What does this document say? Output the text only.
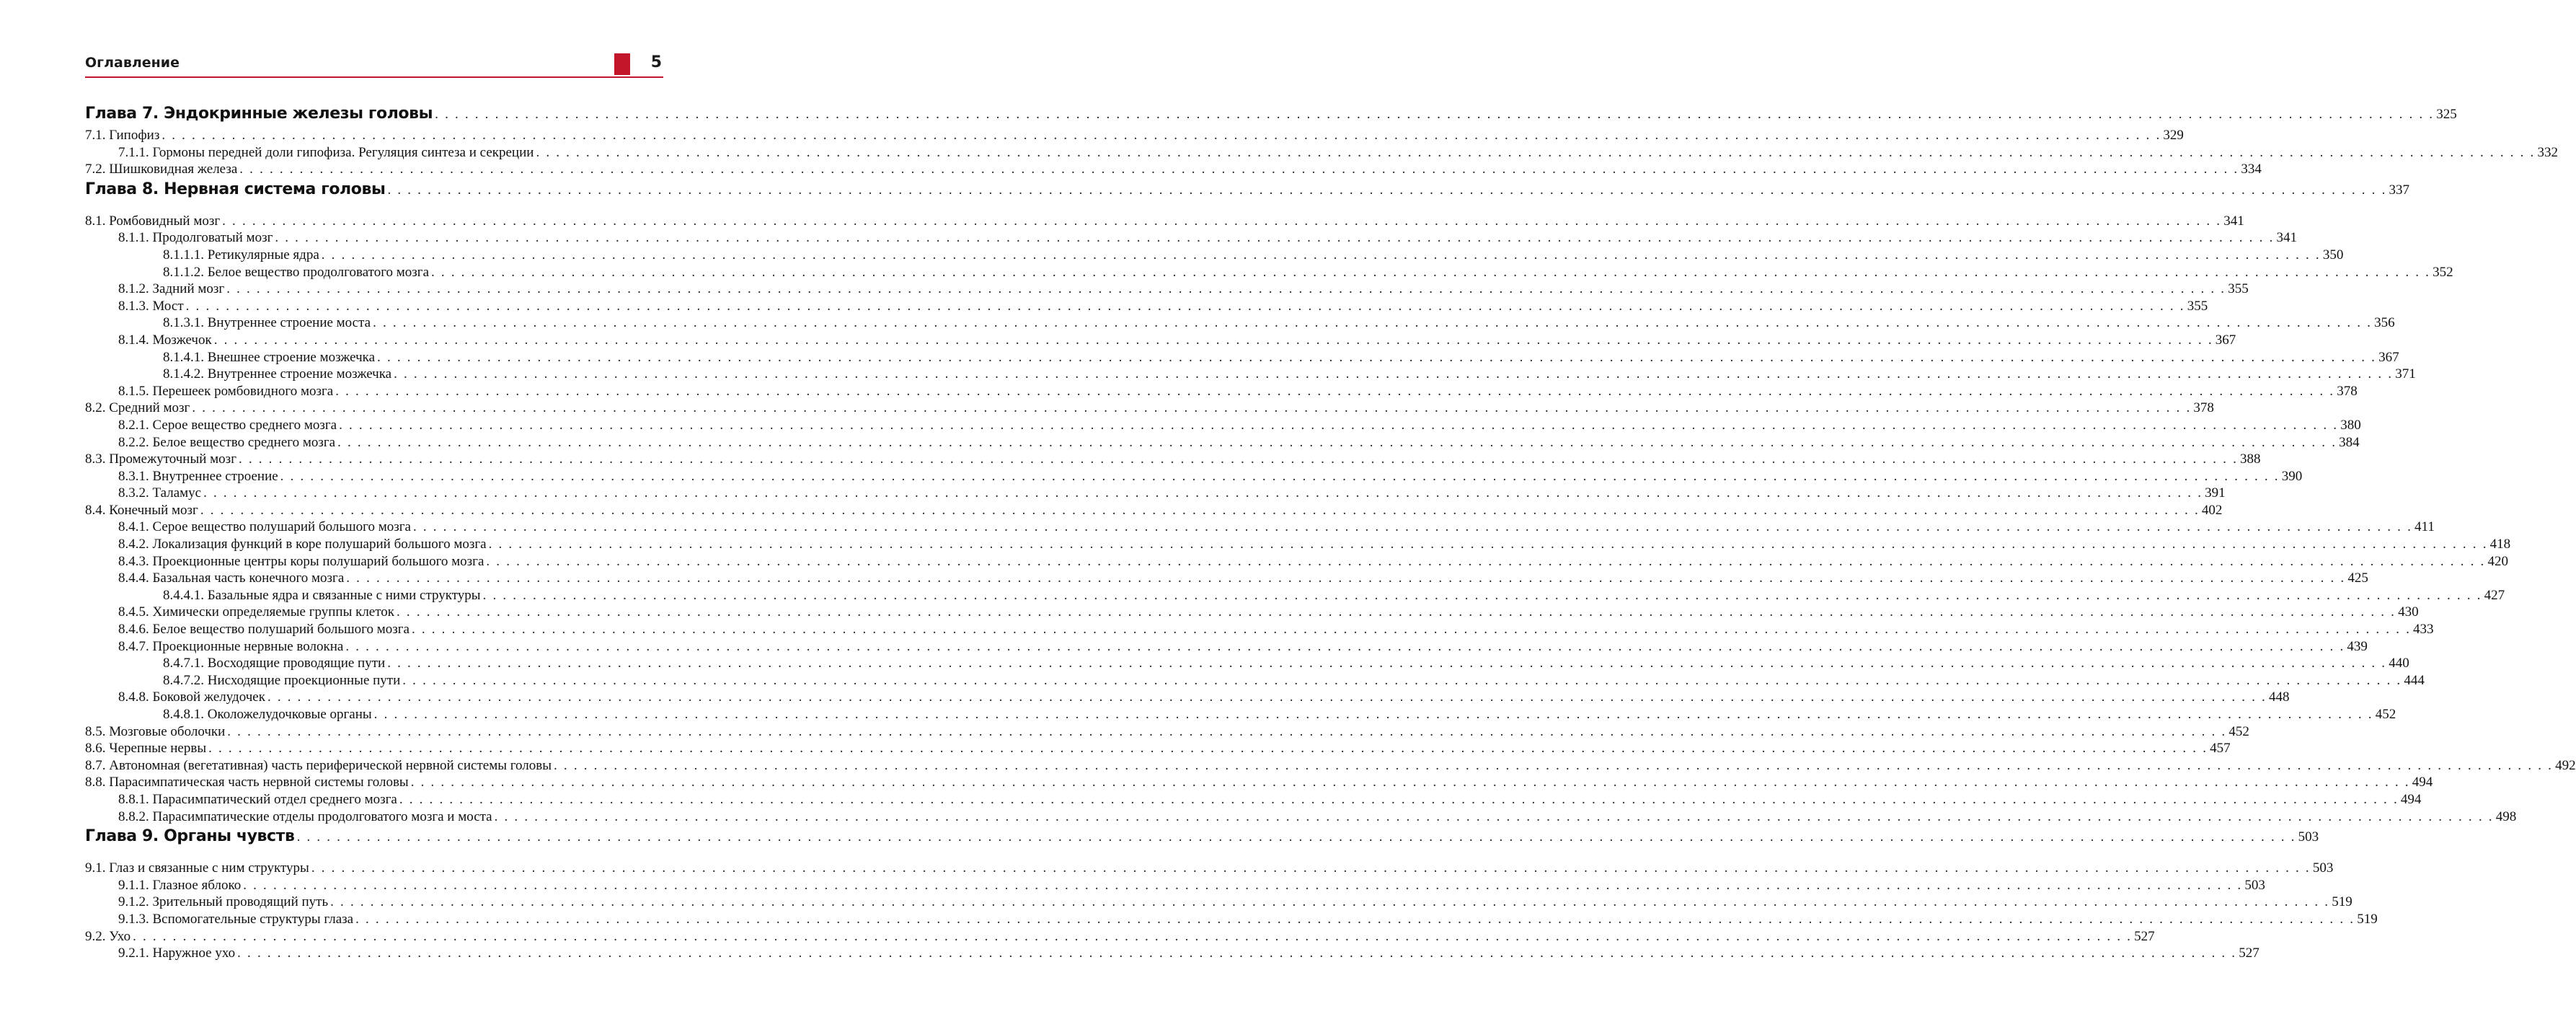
Оглавление	5
Глава 7. Эндокринные железы головы . . . . . . . . . . . . . . . . . . . . . . . . . . . . . . . . . . . . . . . . . . . . . . . . . . . . . . . . . . . . . . . . . . . . . . . . . . . . . . . . . . . . . . . . . . . . . . . . . . . . . . . . . . . . . . . . . . . . . . . . . . . . . . . . . . . . . . . . . . . . . . . . . . . . . . . . . . . . . . . . . . . . . . . . . . . . . . . . . . . . . . . . . . . . . . . . . . . . . . . . 325
7.1. Гипофиз . . . . . . . . . . . . . . . . . . . . . . . . . . . . . . . . . . . . . . . . . . . . . . . . . . . . . . . . . . . . . . . . . . . . . . . . . . . . . . . . . . . . . . . . . . . . . . . . . . . . . . . . . . . . . . . . . . . . . . . . . . . . . . . . . . . . . . . . . . . . . . . . . . . . . . . . . . . . . . . . . . . . . . . . . . . . . . . . . . . . . . . . . . . . . . . . . . . . . . . . 329
7.1.1. Гормоны передней доли гипофиза. Регуляция синтеза и секреции . . . . . . . . . . . . . . . . . . . . . . . . . . . . . . . . . . . . . . . . . . . . . . . . . . . . . . . . . . . . . . . . . . . . . . . . . . . . . . . . . . . . . . . . . . . . . . . . . . . . . . . . . . . . . . . . . . . . . . . . . . . . . . . . . . . . . . . . . . . . . . . . . . . . . . . . . . . . . . . . . . . . . . . . . . . . . . . . . . . . . . . . . . . . . . . . . . . . . . . . 332
7.2. Шишковидная железа . . . . . . . . . . . . . . . . . . . . . . . . . . . . . . . . . . . . . . . . . . . . . . . . . . . . . . . . . . . . . . . . . . . . . . . . . . . . . . . . . . . . . . . . . . . . . . . . . . . . . . . . . . . . . . . . . . . . . . . . . . . . . . . . . . . . . . . . . . . . . . . . . . . . . . . . . . . . . . . . . . . . . . . . . . . . . . . . . . . . . . . . . . . . . . . . . . . . . . . . 334
Глава 8. Нервная система головы . . . . . . . . . . . . . . . . . . . . . . . . . . . . . . . . . . . . . . . . . . . . . . . . . . . . . . . . . . . . . . . . . . . . . . . . . . . . . . . . . . . . . . . . . . . . . . . . . . . . . . . . . . . . . . . . . . . . . . . . . . . . . . . . . . . . . . . . . . . . . . . . . . . . . . . . . . . . . . . . . . . . . . . . . . . . . . . . . . . . . . . . . . . . . . . . . . . . . . . . 337
8.1. Ромбовидный мозг . . . . . . . . . . . . . . . . . . . . . . . . . . . . . . . . . . . . . . . . . . . . . . . . . . . . . . . . . . . . . . . . . . . . . . . . . . . . . . . . . . . . . . . . . . . . . . . . . . . . . . . . . . . . . . . . . . . . . . . . . . . . . . . . . . . . . . . . . . . . . . . . . . . . . . . . . . . . . . . . . . . . . . . . . . . . . . . . . . . . . . . . . . . . . . . . . . . . . . . . 341
8.1.1. Продолговатый мозг . . . . . . . . . . . . . . . . . . . . . . . . . . . . . . . . . . . . . . . . . . . . . . . . . . . . . . . . . . . . . . . . . . . . . . . . . . . . . . . . . . . . . . . . . . . . . . . . . . . . . . . . . . . . . . . . . . . . . . . . . . . . . . . . . . . . . . . . . . . . . . . . . . . . . . . . . . . . . . . . . . . . . . . . . . . . . . . . . . . . . . . . . . . . . . . . . . . . . . . . 341
8.1.1.1. Ретикулярные ядра . . . . . . . . . . . . . . . . . . . . . . . . . . . . . . . . . . . . . . . . . . . . . . . . . . . . . . . . . . . . . . . . . . . . . . . . . . . . . . . . . . . . . . . . . . . . . . . . . . . . . . . . . . . . . . . . . . . . . . . . . . . . . . . . . . . . . . . . . . . . . . . . . . . . . . . . . . . . . . . . . . . . . . . . . . . . . . . . . . . . . . . . . . . . . . . . . . . . . . . . 350
8.1.1.2. Белое вещество продолговатого мозга . . . . . . . . . . . . . . . . . . . . . . . . . . . . . . . . . . . . . . . . . . . . . . . . . . . . . . . . . . . . . . . . . . . . . . . . . . . . . . . . . . . . . . . . . . . . . . . . . . . . . . . . . . . . . . . . . . . . . . . . . . . . . . . . . . . . . . . . . . . . . . . . . . . . . . . . . . . . . . . . . . . . . . . . . . . . . . . . . . . . . . . . . . . . . . . . . . . . . . . . 352
8.1.2. Задний мозг . . . . . . . . . . . . . . . . . . . . . . . . . . . . . . . . . . . . . . . . . . . . . . . . . . . . . . . . . . . . . . . . . . . . . . . . . . . . . . . . . . . . . . . . . . . . . . . . . . . . . . . . . . . . . . . . . . . . . . . . . . . . . . . . . . . . . . . . . . . . . . . . . . . . . . . . . . . . . . . . . . . . . . . . . . . . . . . . . . . . . . . . . . . . . . . . . . . . . . . . 355
8.1.3. Мост . . . . . . . . . . . . . . . . . . . . . . . . . . . . . . . . . . . . . . . . . . . . . . . . . . . . . . . . . . . . . . . . . . . . . . . . . . . . . . . . . . . . . . . . . . . . . . . . . . . . . . . . . . . . . . . . . . . . . . . . . . . . . . . . . . . . . . . . . . . . . . . . . . . . . . . . . . . . . . . . . . . . . . . . . . . . . . . . . . . . . . . . . . . . . . . . . . . . . . . . 355
8.1.3.1. Внутреннее строение моста . . . . . . . . . . . . . . . . . . . . . . . . . . . . . . . . . . . . . . . . . . . . . . . . . . . . . . . . . . . . . . . . . . . . . . . . . . . . . . . . . . . . . . . . . . . . . . . . . . . . . . . . . . . . . . . . . . . . . . . . . . . . . . . . . . . . . . . . . . . . . . . . . . . . . . . . . . . . . . . . . . . . . . . . . . . . . . . . . . . . . . . . . . . . . . . . . . . . . . . . 356
8.1.4. Мозжечок . . . . . . . . . . . . . . . . . . . . . . . . . . . . . . . . . . . . . . . . . . . . . . . . . . . . . . . . . . . . . . . . . . . . . . . . . . . . . . . . . . . . . . . . . . . . . . . . . . . . . . . . . . . . . . . . . . . . . . . . . . . . . . . . . . . . . . . . . . . . . . . . . . . . . . . . . . . . . . . . . . . . . . . . . . . . . . . . . . . . . . . . . . . . . . . . . . . . . . . . 367
8.1.4.1. Внешнее строение мозжечка . . . . . . . . . . . . . . . . . . . . . . . . . . . . . . . . . . . . . . . . . . . . . . . . . . . . . . . . . . . . . . . . . . . . . . . . . . . . . . . . . . . . . . . . . . . . . . . . . . . . . . . . . . . . . . . . . . . . . . . . . . . . . . . . . . . . . . . . . . . . . . . . . . . . . . . . . . . . . . . . . . . . . . . . . . . . . . . . . . . . . . . . . . . . . . . . . . . . . . . . 367
8.1.4.2. Внутреннее строение мозжечка . . . . . . . . . . . . . . . . . . . . . . . . . . . . . . . . . . . . . . . . . . . . . . . . . . . . . . . . . . . . . . . . . . . . . . . . . . . . . . . . . . . . . . . . . . . . . . . . . . . . . . . . . . . . . . . . . . . . . . . . . . . . . . . . . . . . . . . . . . . . . . . . . . . . . . . . . . . . . . . . . . . . . . . . . . . . . . . . . . . . . . . . . . . . . . . . . . . . . . . . 371
8.1.5. Перешеек ромбовидного мозга . . . . . . . . . . . . . . . . . . . . . . . . . . . . . . . . . . . . . . . . . . . . . . . . . . . . . . . . . . . . . . . . . . . . . . . . . . . . . . . . . . . . . . . . . . . . . . . . . . . . . . . . . . . . . . . . . . . . . . . . . . . . . . . . . . . . . . . . . . . . . . . . . . . . . . . . . . . . . . . . . . . . . . . . . . . . . . . . . . . . . . . . . . . . . . . . . . . . . . . . 378
8.2. Средний мозг . . . . . . . . . . . . . . . . . . . . . . . . . . . . . . . . . . . . . . . . . . . . . . . . . . . . . . . . . . . . . . . . . . . . . . . . . . . . . . . . . . . . . . . . . . . . . . . . . . . . . . . . . . . . . . . . . . . . . . . . . . . . . . . . . . . . . . . . . . . . . . . . . . . . . . . . . . . . . . . . . . . . . . . . . . . . . . . . . . . . . . . . . . . . . . . . . . . . . . . . 378
8.2.1. Серое вещество среднего мозга . . . . . . . . . . . . . . . . . . . . . . . . . . . . . . . . . . . . . . . . . . . . . . . . . . . . . . . . . . . . . . . . . . . . . . . . . . . . . . . . . . . . . . . . . . . . . . . . . . . . . . . . . . . . . . . . . . . . . . . . . . . . . . . . . . . . . . . . . . . . . . . . . . . . . . . . . . . . . . . . . . . . . . . . . . . . . . . . . . . . . . . . . . . . . . . . . . . . . . . . 380
8.2.2. Белое вещество среднего мозга . . . . . . . . . . . . . . . . . . . . . . . . . . . . . . . . . . . . . . . . . . . . . . . . . . . . . . . . . . . . . . . . . . . . . . . . . . . . . . . . . . . . . . . . . . . . . . . . . . . . . . . . . . . . . . . . . . . . . . . . . . . . . . . . . . . . . . . . . . . . . . . . . . . . . . . . . . . . . . . . . . . . . . . . . . . . . . . . . . . . . . . . . . . . . . . . . . . . . . . . 384
8.3. Промежуточный мозг . . . . . . . . . . . . . . . . . . . . . . . . . . . . . . . . . . . . . . . . . . . . . . . . . . . . . . . . . . . . . . . . . . . . . . . . . . . . . . . . . . . . . . . . . . . . . . . . . . . . . . . . . . . . . . . . . . . . . . . . . . . . . . . . . . . . . . . . . . . . . . . . . . . . . . . . . . . . . . . . . . . . . . . . . . . . . . . . . . . . . . . . . . . . . . . . . . . . . . . . 388
8.3.1. Внутреннее строение . . . . . . . . . . . . . . . . . . . . . . . . . . . . . . . . . . . . . . . . . . . . . . . . . . . . . . . . . . . . . . . . . . . . . . . . . . . . . . . . . . . . . . . . . . . . . . . . . . . . . . . . . . . . . . . . . . . . . . . . . . . . . . . . . . . . . . . . . . . . . . . . . . . . . . . . . . . . . . . . . . . . . . . . . . . . . . . . . . . . . . . . . . . . . . . . . . . . . . . . 390
8.3.2. Таламус . . . . . . . . . . . . . . . . . . . . . . . . . . . . . . . . . . . . . . . . . . . . . . . . . . . . . . . . . . . . . . . . . . . . . . . . . . . . . . . . . . . . . . . . . . . . . . . . . . . . . . . . . . . . . . . . . . . . . . . . . . . . . . . . . . . . . . . . . . . . . . . . . . . . . . . . . . . . . . . . . . . . . . . . . . . . . . . . . . . . . . . . . . . . . . . . . . . . . . . . 391
8.4. Конечный мозг . . . . . . . . . . . . . . . . . . . . . . . . . . . . . . . . . . . . . . . . . . . . . . . . . . . . . . . . . . . . . . . . . . . . . . . . . . . . . . . . . . . . . . . . . . . . . . . . . . . . . . . . . . . . . . . . . . . . . . . . . . . . . . . . . . . . . . . . . . . . . . . . . . . . . . . . . . . . . . . . . . . . . . . . . . . . . . . . . . . . . . . . . . . . . . . . . . . . . . . . 402
8.4.1. Серое вещество полушарий большого мозга . . . . . . . . . . . . . . . . . . . . . . . . . . . . . . . . . . . . . . . . . . . . . . . . . . . . . . . . . . . . . . . . . . . . . . . . . . . . . . . . . . . . . . . . . . . . . . . . . . . . . . . . . . . . . . . . . . . . . . . . . . . . . . . . . . . . . . . . . . . . . . . . . . . . . . . . . . . . . . . . . . . . . . . . . . . . . . . . . . . . . . . . . . . . . . . . . . . . . . . . 411
8.4.2. Локализация функций в коре полушарий большого мозга . . . . . . . . . . . . . . . . . . . . . . . . . . . . . . . . . . . . . . . . . . . . . . . . . . . . . . . . . . . . . . . . . . . . . . . . . . . . . . . . . . . . . . . . . . . . . . . . . . . . . . . . . . . . . . . . . . . . . . . . . . . . . . . . . . . . . . . . . . . . . . . . . . . . . . . . . . . . . . . . . . . . . . . . . . . . . . . . . . . . . . . . . . . . . . . . . . . . . . . . 418
8.4.3. Проекционные центры коры полушарий большого мозга . . . . . . . . . . . . . . . . . . . . . . . . . . . . . . . . . . . . . . . . . . . . . . . . . . . . . . . . . . . . . . . . . . . . . . . . . . . . . . . . . . . . . . . . . . . . . . . . . . . . . . . . . . . . . . . . . . . . . . . . . . . . . . . . . . . . . . . . . . . . . . . . . . . . . . . . . . . . . . . . . . . . . . . . . . . . . . . . . . . . . . . . . . . . . . . . . . . . . . . . 420
8.4.4. Базальная часть конечного мозга . . . . . . . . . . . . . . . . . . . . . . . . . . . . . . . . . . . . . . . . . . . . . . . . . . . . . . . . . . . . . . . . . . . . . . . . . . . . . . . . . . . . . . . . . . . . . . . . . . . . . . . . . . . . . . . . . . . . . . . . . . . . . . . . . . . . . . . . . . . . . . . . . . . . . . . . . . . . . . . . . . . . . . . . . . . . . . . . . . . . . . . . . . . . . . . . . . . . . . . . 425
8.4.4.1. Базальные ядра и связанные с ними структуры . . . . . . . . . . . . . . . . . . . . . . . . . . . . . . . . . . . . . . . . . . . . . . . . . . . . . . . . . . . . . . . . . . . . . . . . . . . . . . . . . . . . . . . . . . . . . . . . . . . . . . . . . . . . . . . . . . . . . . . . . . . . . . . . . . . . . . . . . . . . . . . . . . . . . . . . . . . . . . . . . . . . . . . . . . . . . . . . . . . . . . . . . . . . . . . . . . . . . . . . 427
8.4.5. Химически определяемые группы клеток . . . . . . . . . . . . . . . . . . . . . . . . . . . . . . . . . . . . . . . . . . . . . . . . . . . . . . . . . . . . . . . . . . . . . . . . . . . . . . . . . . . . . . . . . . . . . . . . . . . . . . . . . . . . . . . . . . . . . . . . . . . . . . . . . . . . . . . . . . . . . . . . . . . . . . . . . . . . . . . . . . . . . . . . . . . . . . . . . . . . . . . . . . . . . . . . . . . . . . . . 430
8.4.6. Белое вещество полушарий большого мозга . . . . . . . . . . . . . . . . . . . . . . . . . . . . . . . . . . . . . . . . . . . . . . . . . . . . . . . . . . . . . . . . . . . . . . . . . . . . . . . . . . . . . . . . . . . . . . . . . . . . . . . . . . . . . . . . . . . . . . . . . . . . . . . . . . . . . . . . . . . . . . . . . . . . . . . . . . . . . . . . . . . . . . . . . . . . . . . . . . . . . . . . . . . . . . . . . . . . . . . . 433
8.4.7. Проекционные нервные волокна . . . . . . . . . . . . . . . . . . . . . . . . . . . . . . . . . . . . . . . . . . . . . . . . . . . . . . . . . . . . . . . . . . . . . . . . . . . . . . . . . . . . . . . . . . . . . . . . . . . . . . . . . . . . . . . . . . . . . . . . . . . . . . . . . . . . . . . . . . . . . . . . . . . . . . . . . . . . . . . . . . . . . . . . . . . . . . . . . . . . . . . . . . . . . . . . . . . . . . . . 439
8.4.7.1. Восходящие проводящие пути . . . . . . . . . . . . . . . . . . . . . . . . . . . . . . . . . . . . . . . . . . . . . . . . . . . . . . . . . . . . . . . . . . . . . . . . . . . . . . . . . . . . . . . . . . . . . . . . . . . . . . . . . . . . . . . . . . . . . . . . . . . . . . . . . . . . . . . . . . . . . . . . . . . . . . . . . . . . . . . . . . . . . . . . . . . . . . . . . . . . . . . . . . . . . . . . . . . . . . . . 440
8.4.7.2. Нисходящие проекционные пути . . . . . . . . . . . . . . . . . . . . . . . . . . . . . . . . . . . . . . . . . . . . . . . . . . . . . . . . . . . . . . . . . . . . . . . . . . . . . . . . . . . . . . . . . . . . . . . . . . . . . . . . . . . . . . . . . . . . . . . . . . . . . . . . . . . . . . . . . . . . . . . . . . . . . . . . . . . . . . . . . . . . . . . . . . . . . . . . . . . . . . . . . . . . . . . . . . . . . . . . 444
8.4.8. Боковой желудочек . . . . . . . . . . . . . . . . . . . . . . . . . . . . . . . . . . . . . . . . . . . . . . . . . . . . . . . . . . . . . . . . . . . . . . . . . . . . . . . . . . . . . . . . . . . . . . . . . . . . . . . . . . . . . . . . . . . . . . . . . . . . . . . . . . . . . . . . . . . . . . . . . . . . . . . . . . . . . . . . . . . . . . . . . . . . . . . . . . . . . . . . . . . . . . . . . . . . . . . . 448
8.4.8.1. Околожелудочковые органы . . . . . . . . . . . . . . . . . . . . . . . . . . . . . . . . . . . . . . . . . . . . . . . . . . . . . . . . . . . . . . . . . . . . . . . . . . . . . . . . . . . . . . . . . . . . . . . . . . . . . . . . . . . . . . . . . . . . . . . . . . . . . . . . . . . . . . . . . . . . . . . . . . . . . . . . . . . . . . . . . . . . . . . . . . . . . . . . . . . . . . . . . . . . . . . . . . . . . . . . 452
8.5. Мозговые оболочки . . . . . . . . . . . . . . . . . . . . . . . . . . . . . . . . . . . . . . . . . . . . . . . . . . . . . . . . . . . . . . . . . . . . . . . . . . . . . . . . . . . . . . . . . . . . . . . . . . . . . . . . . . . . . . . . . . . . . . . . . . . . . . . . . . . . . . . . . . . . . . . . . . . . . . . . . . . . . . . . . . . . . . . . . . . . . . . . . . . . . . . . . . . . . . . . . . . . . . . . 452
8.6. Черепные нервы . . . . . . . . . . . . . . . . . . . . . . . . . . . . . . . . . . . . . . . . . . . . . . . . . . . . . . . . . . . . . . . . . . . . . . . . . . . . . . . . . . . . . . . . . . . . . . . . . . . . . . . . . . . . . . . . . . . . . . . . . . . . . . . . . . . . . . . . . . . . . . . . . . . . . . . . . . . . . . . . . . . . . . . . . . . . . . . . . . . . . . . . . . . . . . . . . . . . . . . . 457
8.7. Автономная (вегетативная) часть периферической нервной системы головы . . . . . . . . . . . . . . . . . . . . . . . . . . . . . . . . . . . . . . . . . . . . . . . . . . . . . . . . . . . . . . . . . . . . . . . . . . . . . . . . . . . . . . . . . . . . . . . . . . . . . . . . . . . . . . . . . . . . . . . . . . . . . . . . . . . . . . . . . . . . . . . . . . . . . . . . . . . . . . . . . . . . . . . . . . . . . . . . . . . . . . . . . . . . . . . . . . . . . . . . 492
8.8. Парасимпатическая часть нервной системы головы . . . . . . . . . . . . . . . . . . . . . . . . . . . . . . . . . . . . . . . . . . . . . . . . . . . . . . . . . . . . . . . . . . . . . . . . . . . . . . . . . . . . . . . . . . . . . . . . . . . . . . . . . . . . . . . . . . . . . . . . . . . . . . . . . . . . . . . . . . . . . . . . . . . . . . . . . . . . . . . . . . . . . . . . . . . . . . . . . . . . . . . . . . . . . . . . . . . . . . . . 494
8.8.1. Парасимпатический отдел среднего мозга . . . . . . . . . . . . . . . . . . . . . . . . . . . . . . . . . . . . . . . . . . . . . . . . . . . . . . . . . . . . . . . . . . . . . . . . . . . . . . . . . . . . . . . . . . . . . . . . . . . . . . . . . . . . . . . . . . . . . . . . . . . . . . . . . . . . . . . . . . . . . . . . . . . . . . . . . . . . . . . . . . . . . . . . . . . . . . . . . . . . . . . . . . . . . . . . . . . . . . . . 494
8.8.2. Парасимпатические отделы продолговатого мозга и моста . . . . . . . . . . . . . . . . . . . . . . . . . . . . . . . . . . . . . . . . . . . . . . . . . . . . . . . . . . . . . . . . . . . . . . . . . . . . . . . . . . . . . . . . . . . . . . . . . . . . . . . . . . . . . . . . . . . . . . . . . . . . . . . . . . . . . . . . . . . . . . . . . . . . . . . . . . . . . . . . . . . . . . . . . . . . . . . . . . . . . . . . . . . . . . . . . . . . . . . . 498
Глава 9. Органы чувств . . . . . . . . . . . . . . . . . . . . . . . . . . . . . . . . . . . . . . . . . . . . . . . . . . . . . . . . . . . . . . . . . . . . . . . . . . . . . . . . . . . . . . . . . . . . . . . . . . . . . . . . . . . . . . . . . . . . . . . . . . . . . . . . . . . . . . . . . . . . . . . . . . . . . . . . . . . . . . . . . . . . . . . . . . . . . . . . . . . . . . . . . . . . . . . . . . . . . . . . 503
9.1. Глаз и связанные с ним структуры . . . . . . . . . . . . . . . . . . . . . . . . . . . . . . . . . . . . . . . . . . . . . . . . . . . . . . . . . . . . . . . . . . . . . . . . . . . . . . . . . . . . . . . . . . . . . . . . . . . . . . . . . . . . . . . . . . . . . . . . . . . . . . . . . . . . . . . . . . . . . . . . . . . . . . . . . . . . . . . . . . . . . . . . . . . . . . . . . . . . . . . . . . . . . . . . . . . . . . . . 503
9.1.1. Глазное яблоко . . . . . . . . . . . . . . . . . . . . . . . . . . . . . . . . . . . . . . . . . . . . . . . . . . . . . . . . . . . . . . . . . . . . . . . . . . . . . . . . . . . . . . . . . . . . . . . . . . . . . . . . . . . . . . . . . . . . . . . . . . . . . . . . . . . . . . . . . . . . . . . . . . . . . . . . . . . . . . . . . . . . . . . . . . . . . . . . . . . . . . . . . . . . . . . . . . . . . . . . 503
9.1.2. Зрительный проводящий путь . . . . . . . . . . . . . . . . . . . . . . . . . . . . . . . . . . . . . . . . . . . . . . . . . . . . . . . . . . . . . . . . . . . . . . . . . . . . . . . . . . . . . . . . . . . . . . . . . . . . . . . . . . . . . . . . . . . . . . . . . . . . . . . . . . . . . . . . . . . . . . . . . . . . . . . . . . . . . . . . . . . . . . . . . . . . . . . . . . . . . . . . . . . . . . . . . . . . . . . . 519
9.1.3. Вспомогательные структуры глаза . . . . . . . . . . . . . . . . . . . . . . . . . . . . . . . . . . . . . . . . . . . . . . . . . . . . . . . . . . . . . . . . . . . . . . . . . . . . . . . . . . . . . . . . . . . . . . . . . . . . . . . . . . . . . . . . . . . . . . . . . . . . . . . . . . . . . . . . . . . . . . . . . . . . . . . . . . . . . . . . . . . . . . . . . . . . . . . . . . . . . . . . . . . . . . . . . . . . . . . . 519
9.2. Ухо . . . . . . . . . . . . . . . . . . . . . . . . . . . . . . . . . . . . . . . . . . . . . . . . . . . . . . . . . . . . . . . . . . . . . . . . . . . . . . . . . . . . . . . . . . . . . . . . . . . . . . . . . . . . . . . . . . . . . . . . . . . . . . . . . . . . . . . . . . . . . . . . . . . . . . . . . . . . . . . . . . . . . . . . . . . . . . . . . . . . . . . . . . . . . . . . . . . . . . . . 527
9.2.1. Наружное ухо . . . . . . . . . . . . . . . . . . . . . . . . . . . . . . . . . . . . . . . . . . . . . . . . . . . . . . . . . . . . . . . . . . . . . . . . . . . . . . . . . . . . . . . . . . . . . . . . . . . . . . . . . . . . . . . . . . . . . . . . . . . . . . . . . . . . . . . . . . . . . . . . . . . . . . . . . . . . . . . . . . . . . . . . . . . . . . . . . . . . . . . . . . . . . . . . . . . . . . . . 527
